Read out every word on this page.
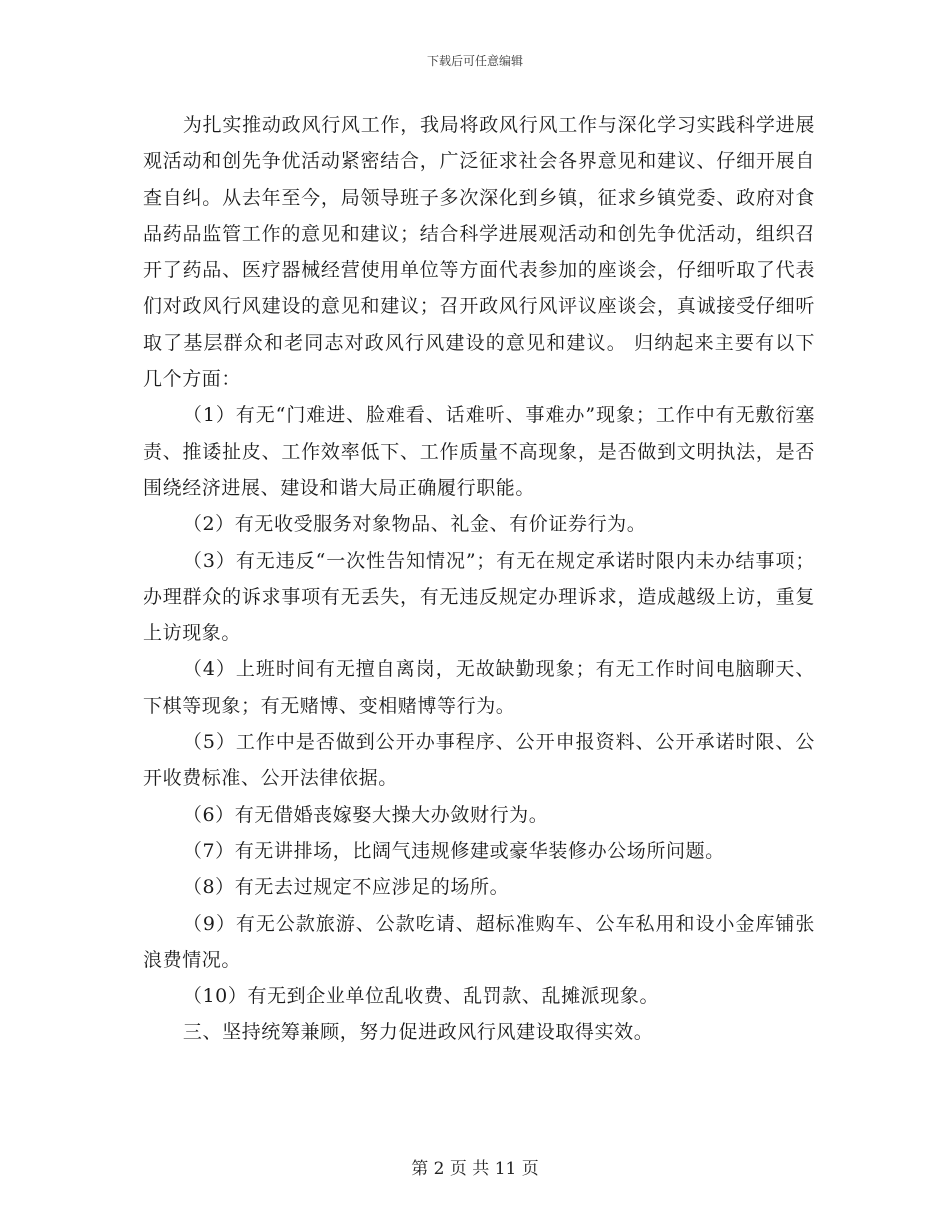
下载后可任意编辑

为扎实推动政风行风工作，我局将政风行风工作与深化学习实践科学进展观活动和创先争优活动紧密结合，广泛征求社会各界意见和建议、仔细开展自查自纠。从去年至今，局领导班子多次深化到乡镇，征求乡镇党委、政府对食品药品监管工作的意见和建议；结合科学进展观活动和创先争优活动，组织召开了药品、医疗器械经营使用单位等方面代表参加的座谈会，仔细听取了代表们对政风行风建设的意见和建议；召开政风行风评议座谈会，真诚接受仔细听取了基层群众和老同志对政风行风建设的意见和建议。 归纳起来主要有以下几个方面：

（1）有无“门难进、脸难看、话难听、事难办”现象；工作中有无敷衍塞责、推诿扯皮、工作效率低下、工作质量不高现象，是否做到文明执法，是否围绕经济进展、建设和谐大局正确履行职能。

（2）有无收受服务对象物品、礼金、有价证券行为。

（3）有无违反“一次性告知情况”；有无在规定承诺时限内未办结事项；办理群众的诉求事项有无丢失，有无违反规定办理诉求，造成越级上访，重复上访现象。

（4）上班时间有无擅自离岗，无故缺勤现象；有无工作时间电脑聊天、下棋等现象；有无赌博、变相赌博等行为。

（5）工作中是否做到公开办事程序、公开申报资料、公开承诺时限、公开收费标准、公开法律依据。

（6）有无借婚丧嫁娶大操大办敛财行为。

（7）有无讲排场，比阔气违规修建或豪华装修办公场所问题。

（8）有无去过规定不应涉足的场所。

（9）有无公款旅游、公款吃请、超标准购车、公车私用和设小金库铺张浪费情况。

（10）有无到企业单位乱收费、乱罚款、乱摊派现象。

三、坚持统筹兼顾，努力促进政风行风建设取得实效。

第 2 页 共 11 页
